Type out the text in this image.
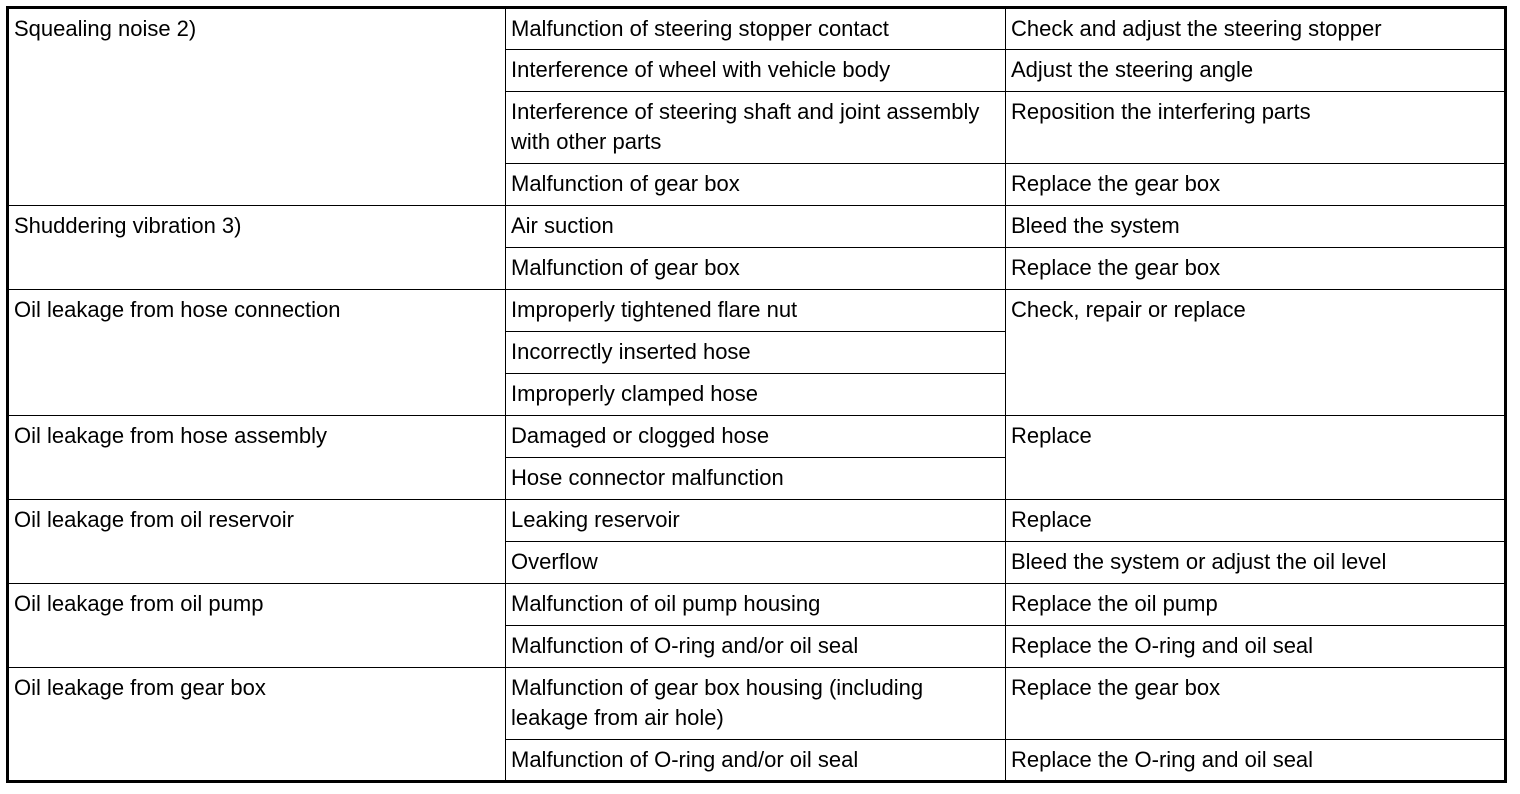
Squealing noise 2)	Malfunction of steering stopper contact	Check and adjust the steering stopper
	Interference of wheel with vehicle body	Adjust the steering angle
	Interference of steering shaft and joint assembly with other parts	Reposition the interfering parts
	Malfunction of gear box	Replace the gear box
Shuddering vibration 3)	Air suction	Bleed the system
	Malfunction of gear box	Replace the gear box
Oil leakage from hose connection	Improperly tightened flare nut	Check, repair or replace
	Incorrectly inserted hose	
	Improperly clamped hose	
Oil leakage from hose assembly	Damaged or clogged hose	Replace
	Hose connector malfunction	
Oil leakage from oil reservoir	Leaking reservoir	Replace
	Overflow	Bleed the system or adjust the oil level
Oil leakage from oil pump	Malfunction of oil pump housing	Replace the oil pump
	Malfunction of O-ring and/or oil seal	Replace the O-ring and oil seal
Oil leakage from gear box	Malfunction of gear box housing (including leakage from air hole)	Replace the gear box
	Malfunction of O-ring and/or oil seal	Replace the O-ring and oil seal
